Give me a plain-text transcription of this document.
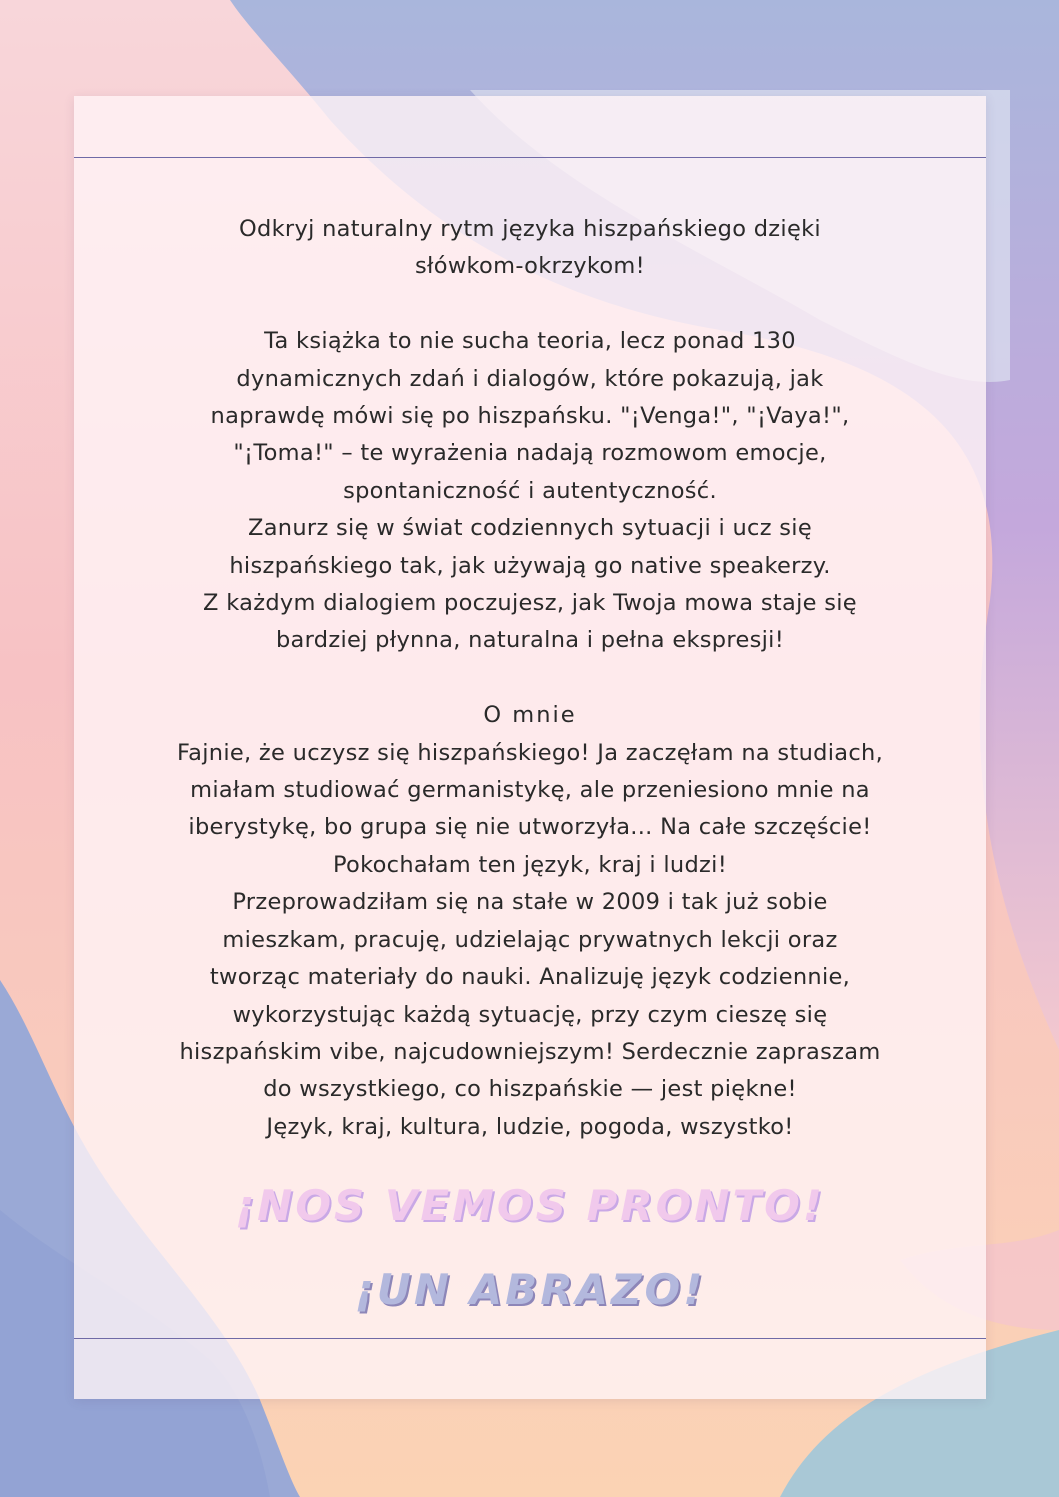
Odkryj naturalny rytm języka hiszpańskiego dzięki

słówkom-okrzykom!

Ta książka to nie sucha teoria, lecz ponad 130

dynamicznych zdań i dialogów, które pokazują, jak

naprawdę mówi się po hiszpańsku. "¡Venga!", "¡Vaya!",

"¡Toma!" – te wyrażenia nadają rozmowom emocje,

spontaniczność i autentyczność.

Zanurz się w świat codziennych sytuacji i ucz się

hiszpańskiego tak, jak używają go native speakerzy.

Z każdym dialogiem poczujesz, jak Twoja mowa staje się

bardziej płynna, naturalna i pełna ekspresji!

O mnie

Fajnie, że uczysz się hiszpańskiego! Ja zaczęłam na studiach,

miałam studiować germanistykę, ale przeniesiono mnie na

iberystykę, bo grupa się nie utworzyła... Na całe szczęście!

Pokochałam ten język, kraj i ludzi!

Przeprowadziłam się na stałe w 2009 i tak już sobie

mieszkam, pracuję, udzielając prywatnych lekcji oraz

tworząc materiały do nauki. Analizuję język codziennie,

wykorzystując każdą sytuację, przy czym cieszę się

hiszpańskim vibe, najcudowniejszym! Serdecznie zapraszam

do wszystkiego, co hiszpańskie — jest piękne!

Język, kraj, kultura, ludzie, pogoda, wszystko!

¡NOS VEMOS PRONTO!
¡UN ABRAZO!
